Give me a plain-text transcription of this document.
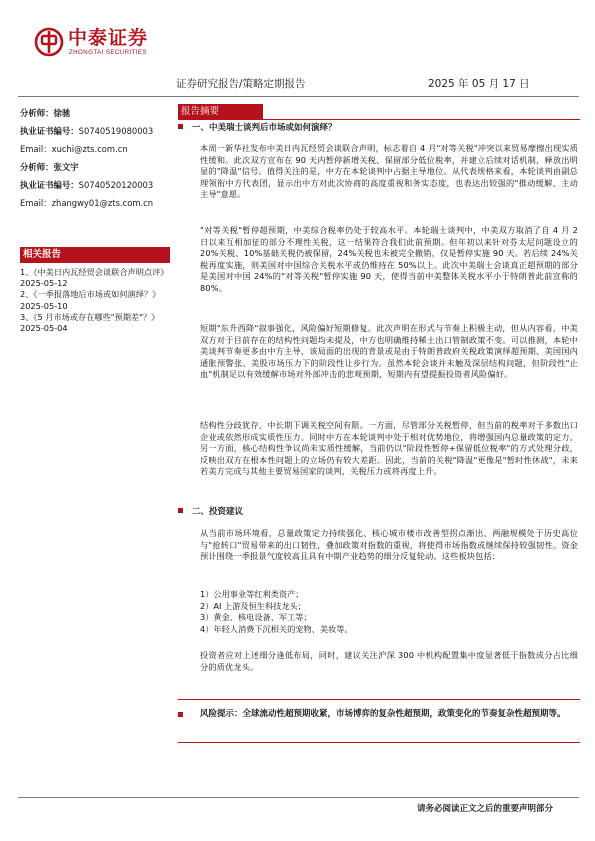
中泰证券
ZHONGTAI SECURITIES
证券研究报告/策略定期报告	2025 年 05 月 17 日
分析师：徐驰
执业证书编号：S0740519080003
Email：xuchi@zts.com.cn
分析师：张文宇
执业证书编号：S0740520120003
Email：zhangwy01@zts.com.cn
相关报告
1、《中美日内瓦经贸会谈联合声明点评》2025-05-12
2、《一季报落地后市场或如何演绎？》2025-05-10
3、《5 月市场或存在哪些"预期差"？》2025-05-04
报告摘要
一、中美瑞士谈判后市场或如何演绎？
本周一新华社发布中美日内瓦经贸会谈联合声明，标志着自 4 月"对等关税"冲突以来贸易摩擦出现实质性缓和。此次双方宣布在 90 天内暂停新增关税、保留部分低位税率，并建立后续对话机制，释放出明显的"降温"信号。值得关注的是，中方在本轮谈判中占据主导地位。从代表规格来看，本轮谈判由副总理领衔中方代表团，显示出中方对此次协商的高度重视和务实态度，也表达出较强的"推动缓解、主动主导"意愿。
"对等关税"暂停超预期，中美综合税率仍处于较高水平。本轮瑞士谈判中，中美双方取消了自 4 月 2 日以来互相加征的部分不理性关税，这一结果符合我们此前预期。但年初以来针对芬太尼问题设立的 20%关税、10%基础关税仍被保留，24%关税也未被完全撤销，仅是暂停实施 90 天。若后续 24%关税再度实施，则美国对中国综合关税水平或仍维持在 50%以上。此次中美瑞士会谈真正超预期的部分是美国对中国 24%的"对等关税"暂停实施 90 天，使得当前中美整体关税水平小于特朗普此前宣称的 80%。
短期"东升西降"叙事强化，风险偏好短期修复。此次声明在形式与节奏上积极主动，但从内容看，中美双方对于目前存在的结构性问题均未提及，中方也明确维持稀土出口管制政策不变。可以推测，本轮中美谈判节奏更多由中方主导，该局面的出现的背景或是由于特朗普政府关税政策演绎超预期、美国国内通胀预警张、美股市场压力下的阶段性让步行为。虽然本轮会谈并未触及深层结构问题，但阶段性"止血"机制足以有效缓解市场对外部冲击的悲观预期，短期内有望提振投资者风险偏好。
结构性分歧犹存，中长期下调关税空间有限。一方面，尽管部分关税暂停，但当前的税率对于多数出口企业或依然形成实质性压力。同时中方在本轮谈判中处于相对优势地位，将增强国内总量政策的定力。另一方面，核心结构性争议尚未实质性缓解，当前仍以"阶段性暂停+保留低位税率"的方式处理分歧，反映出双方在根本性问题上的立场仍有较大差距。因此，当前的关税"降温"更像是"暂时性休战"，未来若美方完成与其他主要贸易国家的谈判，关税压力或将再度上升。
二、投资建议
从当前市场环境看，总量政策定力持续强化、核心城市楼市改善型拐点渐出、两融规模处于历史高位与"抢转口"贸易带来的出口韧性，叠加政策对指数的重视，将使得市场指数或继续保持较强韧性。资金预计围绕一季报景气度较高且具有中期产业趋势的细分反复轮动。这些板块包括：
1）公用事业等红利类资产；
2）AI 上游及恒生科技龙头；
3）黄金、核电设备、军工等；
4）年轻人消费下沉相关的宠物、美妆等。
投资者应对上述细分逢低布局，同时，建议关注沪深 300 中机构配置集中度显著低于指数成分占比细分的质优龙头。
风险提示：全球流动性超预期收紧，市场博弈的复杂性超预期，政策变化的节奏复杂性超预期等。
请务必阅读正文之后的重要声明部分
